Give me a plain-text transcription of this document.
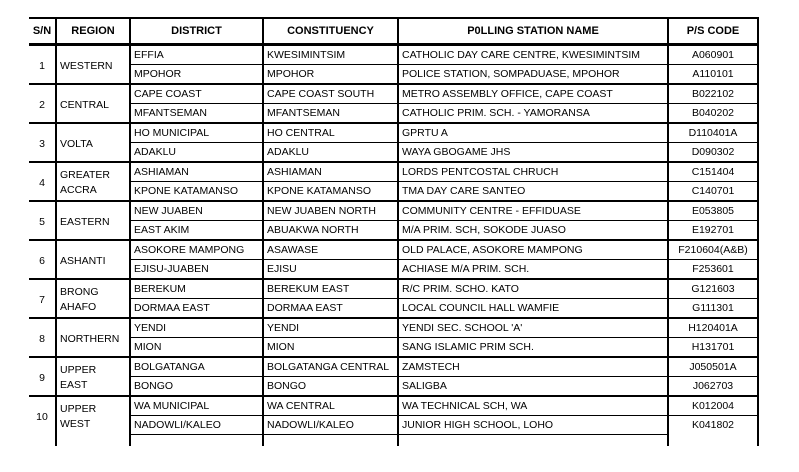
S/N	REGION	DISTRICT	CONSTITUENCY	P0LLING STATION NAME	P/S CODE
1	WESTERN	EFFIA	KWESIMINTSIM	CATHOLIC DAY CARE CENTRE, KWESIMINTSIM	A060901
		MPOHOR	MPOHOR	POLICE STATION, SOMPADUASE, MPOHOR	A110101
2	CENTRAL	CAPE COAST	CAPE COAST SOUTH	METRO ASSEMBLY OFFICE, CAPE COAST	B022102
		MFANTSEMAN	MFANTSEMAN	CATHOLIC PRIM. SCH. - YAMORANSA	B040202
3	VOLTA	HO MUNICIPAL	HO CENTRAL	GPRTU A	D110401A
		ADAKLU	ADAKLU	WAYA GBOGAME JHS	D090302
4	GREATER ACCRA	ASHIAMAN	ASHIAMAN	LORDS PENTCOSTAL CHRUCH	C151404
		KPONE KATAMANSO	KPONE KATAMANSO	TMA DAY CARE SANTEO	C140701
5	EASTERN	NEW JUABEN	NEW JUABEN NORTH	COMMUNITY CENTRE - EFFIDUASE	E053805
		EAST AKIM	ABUAKWA NORTH	M/A PRIM. SCH, SOKODE JUASO	E192701
6	ASHANTI	ASOKORE MAMPONG	ASAWASE	OLD PALACE, ASOKORE MAMPONG	F210604(A&B)
		EJISU-JUABEN	EJISU	ACHIASE M/A PRIM. SCH.	F253601
7	BRONG AHAFO	BEREKUM	BEREKUM EAST	R/C PRIM. SCHO. KATO	G121603
		DORMAA EAST	DORMAA EAST	LOCAL COUNCIL HALL WAMFIE	G111301
8	NORTHERN	YENDI	YENDI	YENDI SEC. SCHOOL 'A'	H120401A
		MION	MION	SANG ISLAMIC PRIM SCH.	H131701
9	UPPER EAST	BOLGATANGA	BOLGATANGA CENTRAL	ZAMSTECH	J050501A
		BONGO	BONGO	SALIGBA	J062703
10	UPPER WEST	WA MUNICIPAL	WA CENTRAL	WA TECHNICAL SCH, WA	K012004
		NADOWLI/KALEO	NADOWLI/KALEO	JUNIOR HIGH SCHOOL, LOHO	K041802
